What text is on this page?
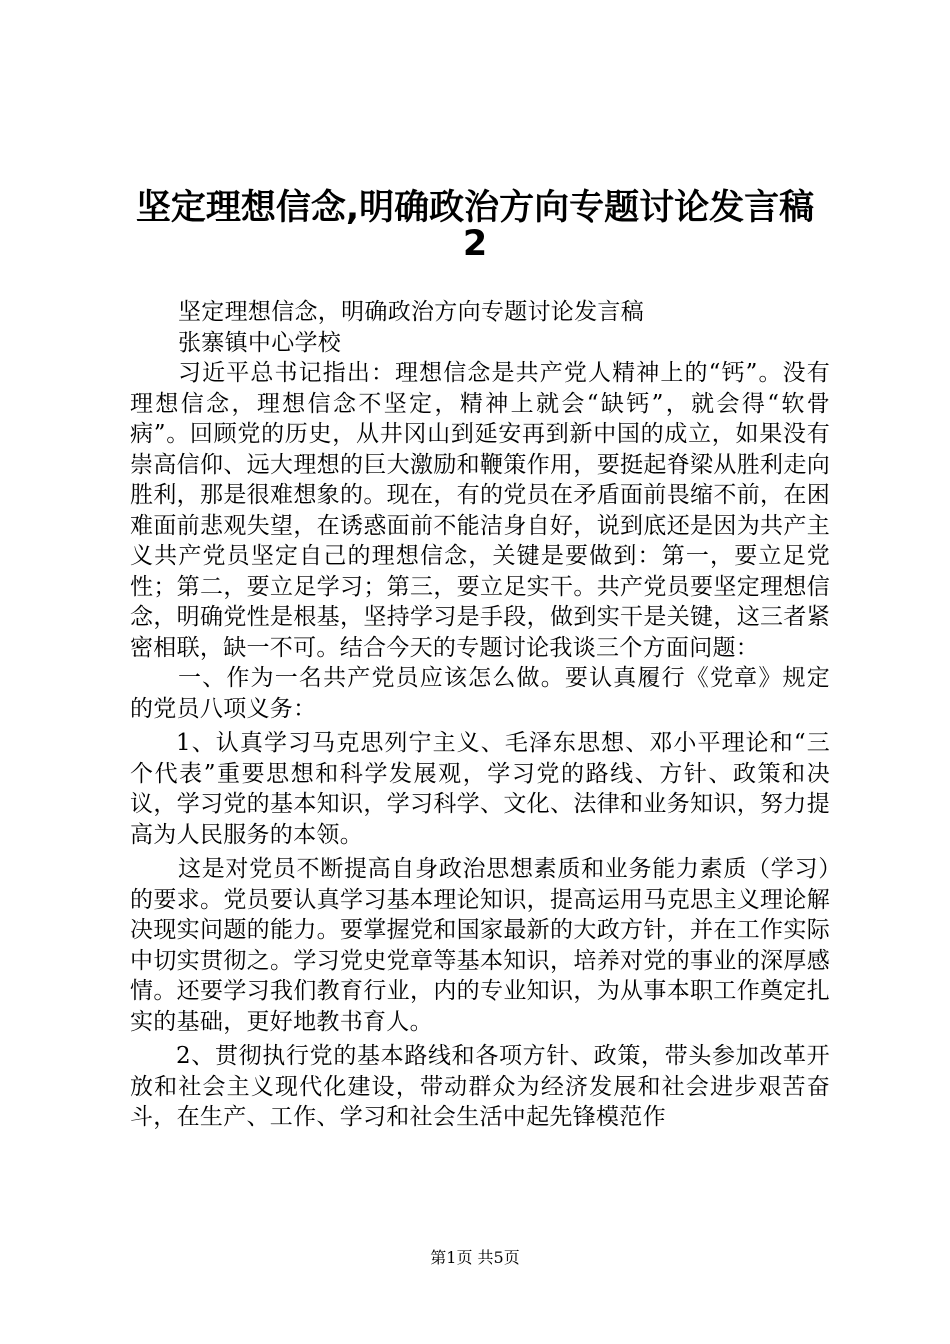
坚定理想信念,明确政治方向专题讨论发言稿
2

坚定理想信念，明确政治方向专题讨论发言稿

张寨镇中心学校

习近平总书记指出：理想信念是共产党人精神上的“钙”。没有理想信念，理想信念不坚定，精神上就会“缺钙”，就会得“软骨病”。回顾党的历史，从井冈山到延安再到新中国的成立，如果没有崇高信仰、远大理想的巨大激励和鞭策作用，要挺起脊梁从胜利走向胜利，那是很难想象的。现在，有的党员在矛盾面前畏缩不前，在困难面前悲观失望，在诱惑面前不能洁身自好，说到底还是因为共产主义共产党员坚定自己的理想信念，关键是要做到：第一，要立足党性；第二，要立足学习；第三，要立足实干。共产党员要坚定理想信念，明确党性是根基，坚持学习是手段，做到实干是关键，这三者紧密相联，缺一不可。结合今天的专题讨论我谈三个方面问题：

一、作为一名共产党员应该怎么做。要认真履行《党章》规定的党员八项义务：

1、认真学习马克思列宁主义、毛泽东思想、邓小平理论和“三个代表”重要思想和科学发展观，学习党的路线、方针、政策和决议，学习党的基本知识，学习科学、文化、法律和业务知识，努力提高为人民服务的本领。

这是对党员不断提高自身政治思想素质和业务能力素质（学习）的要求。党员要认真学习基本理论知识，提高运用马克思主义理论解决现实问题的能力。要掌握党和国家最新的大政方针，并在工作实际中切实贯彻之。学习党史党章等基本知识，培养对党的事业的深厚感情。还要学习我们教育行业，内的专业知识，为从事本职工作奠定扎实的基础，更好地教书育人。

2、贯彻执行党的基本路线和各项方针、政策，带头参加改革开放和社会主义现代化建设，带动群众为经济发展和社会进步艰苦奋斗，在生产、工作、学习和社会生活中起先锋模范作

第1页 共5页
